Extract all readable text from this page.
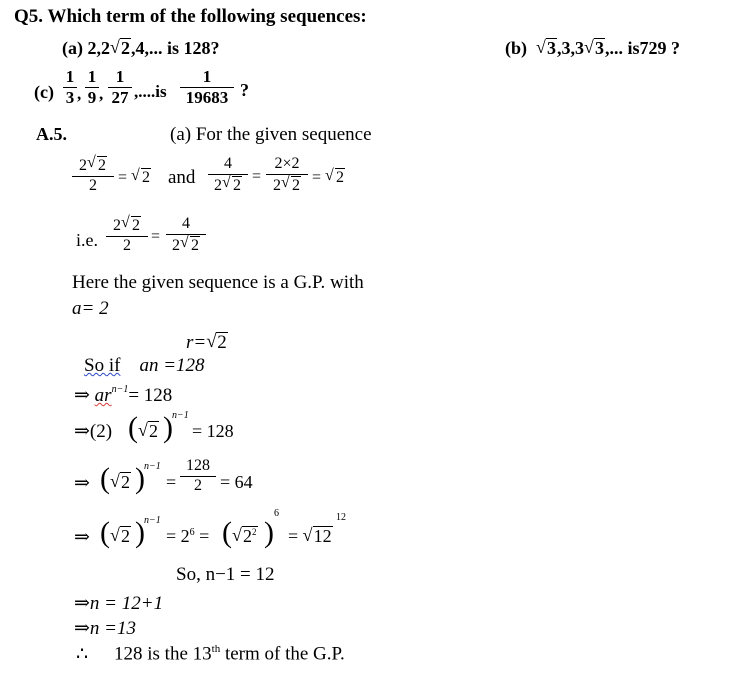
Q5. Which term of the following sequences:
(a) 2,2 √ 2,4,... is 128?	(b) √ 3,3,3 √ 3,... is729 ?
(c)
1
3 ,
1
9 ,
1
27 ,....is
1
19683 ?
A.5.	(a) For the given sequence
2 √ 2
2	= √ 2 and
4
2 √ 2
=
2×2
2 √ 2 = √ 2
i.e.
2 √ 2
2
=
4
2 √ 2
Here the given sequence is a G.P. with
a= 2
r= √ 2
So if an =128
⇒ $ar^{n-1}= 128$
⇒(2) ( √ 2 ) n−1
= 128
⇒ ( √ 2 ) n−1
=
128
2	= 64
⇒ ( √ 2 ) n−1
= $2^6$ = ( √ $2^2$ )
6
= √ 12
12
So, n−1 = 12
⇒n = 12+1
⇒n =13
∴ 128 is the 13th term of the G.P.
